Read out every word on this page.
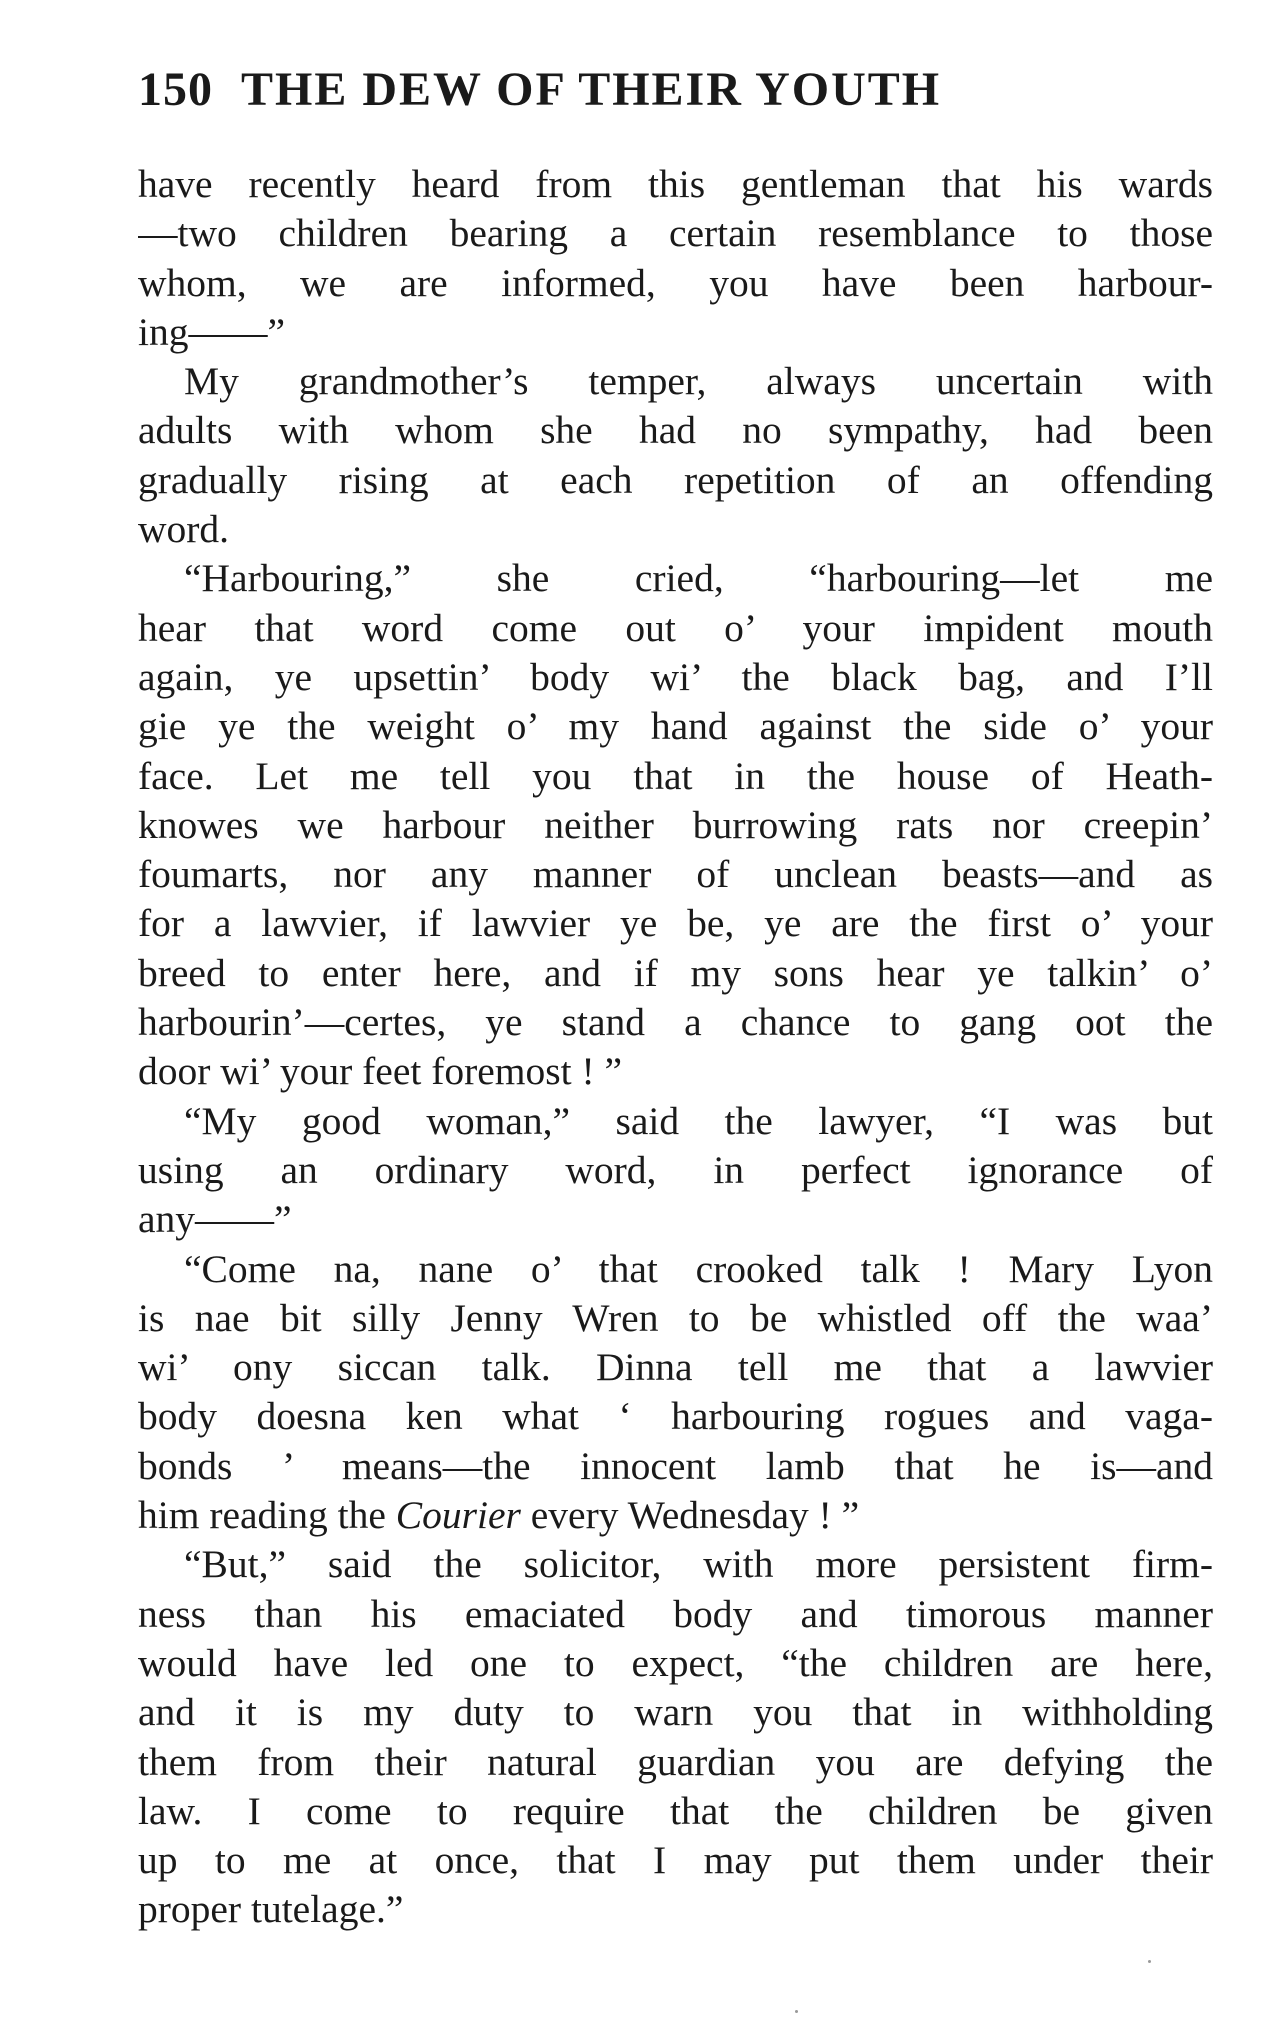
150 THE DEW OF THEIR YOUTH
have recently heard from this gentleman that his wards
—two children bearing a certain resemblance to those
whom, we are informed, you have been harbour-
ing——”
My grandmother’s temper, always uncertain with
adults with whom she had no sympathy, had been
gradually rising at each repetition of an offending
word.
“Harbouring,” she cried, “harbouring—let me
hear that word come out o’ your impident mouth
again, ye upsettin’ body wi’ the black bag, and I’ll
gie ye the weight o’ my hand against the side o’ your
face. Let me tell you that in the house of Heath-
knowes we harbour neither burrowing rats nor creepin’
foumarts, nor any manner of unclean beasts—and as
for a lawvier, if lawvier ye be, ye are the first o’ your
breed to enter here, and if my sons hear ye talkin’ o’
harbourin’—certes, ye stand a chance to gang oot the
door wi’ your feet foremost ! ”
“My good woman,” said the lawyer, “I was but
using an ordinary word, in perfect ignorance of
any——”
“Come na, nane o’ that crooked talk ! Mary Lyon
is nae bit silly Jenny Wren to be whistled off the waa’
wi’ ony siccan talk. Dinna tell me that a lawvier
body doesna ken what ‘ harbouring rogues and vaga-
bonds ’ means—the innocent lamb that he is—and
him reading the Courier every Wednesday ! ”
“But,” said the solicitor, with more persistent firm-
ness than his emaciated body and timorous manner
would have led one to expect, “the children are here,
and it is my duty to warn you that in withholding
them from their natural guardian you are defying the
law. I come to require that the children be given
up to me at once, that I may put them under their
proper tutelage.”
